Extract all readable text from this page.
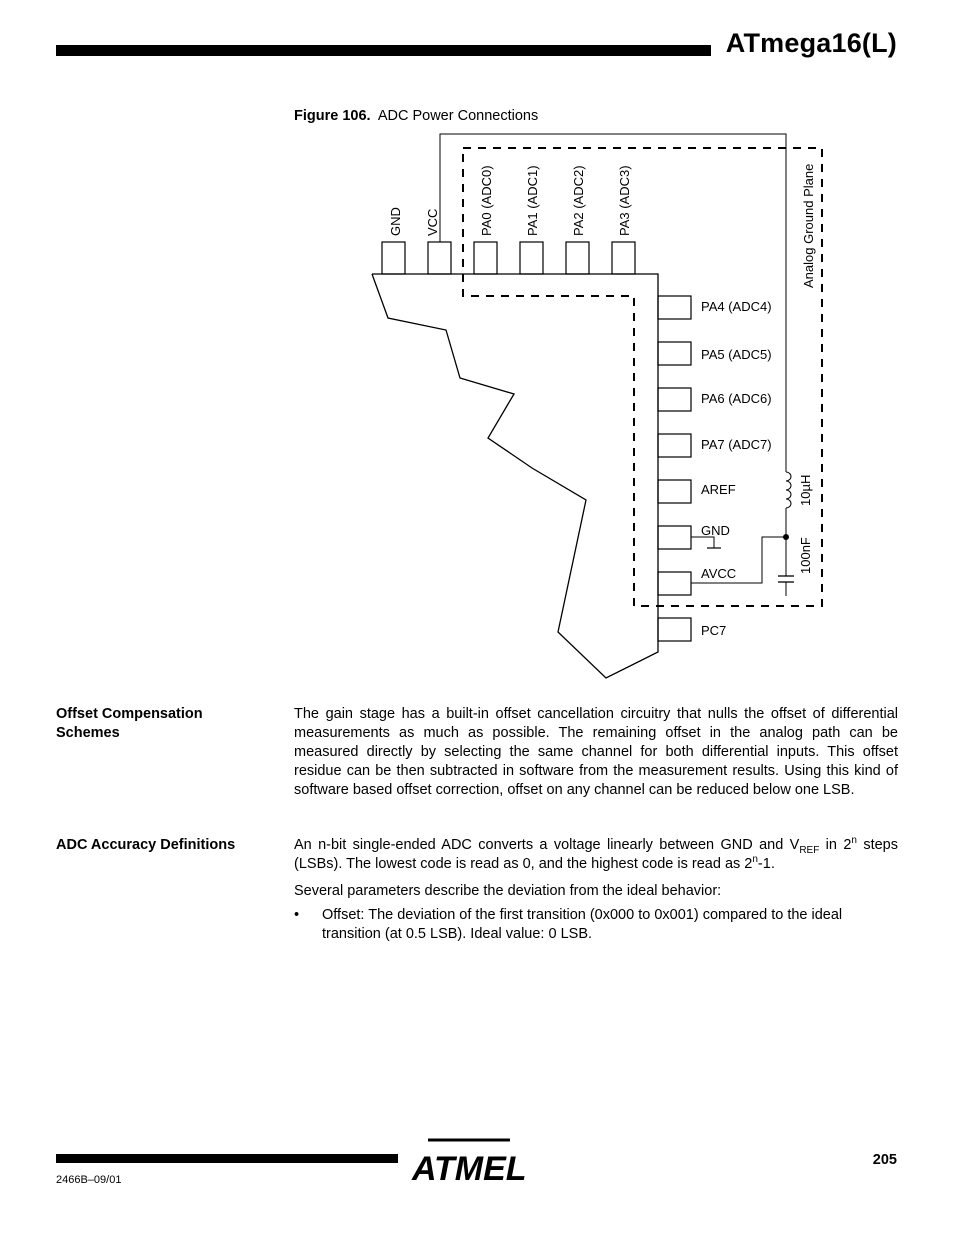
ATmega16(L)
Figure 106. ADC Power Connections
GND VCC	PA0 (ADC0) PA1 (ADC1) PA2 (ADC2) PA3 (ADC3)
PA4 (ADC4)
PA5 (ADC5)
PA6 (ADC6)
PA7 (ADC7)
AREF
GND
AVCC
PC7
10µH
100nF
Analog Ground Plane
Offset Compensation Schemes
The gain stage has a built-in offset cancellation circuitry that nulls the offset of differential measurements as much as possible. The remaining offset in the analog path can be measured directly by selecting the same channel for both differential inputs. This offset residue can be then subtracted in software from the measurement results. Using this kind of software based offset correction, offset on any channel can be reduced below one LSB.
ADC Accuracy Definitions	An n-bit single-ended ADC converts a voltage linearly between GND and $V_{REF}$ in 2$^n$ steps (LSBs). The lowest code is read as 0, and the highest code is read as 2$^n$-1.
Several parameters describe the deviation from the ideal behavior:
• Offset: The deviation of the first transition (0x000 to 0x001) compared to the ideal transition (at 0.5 LSB). Ideal value: 0 LSB.
ATMEL	205
2466B–09/01
